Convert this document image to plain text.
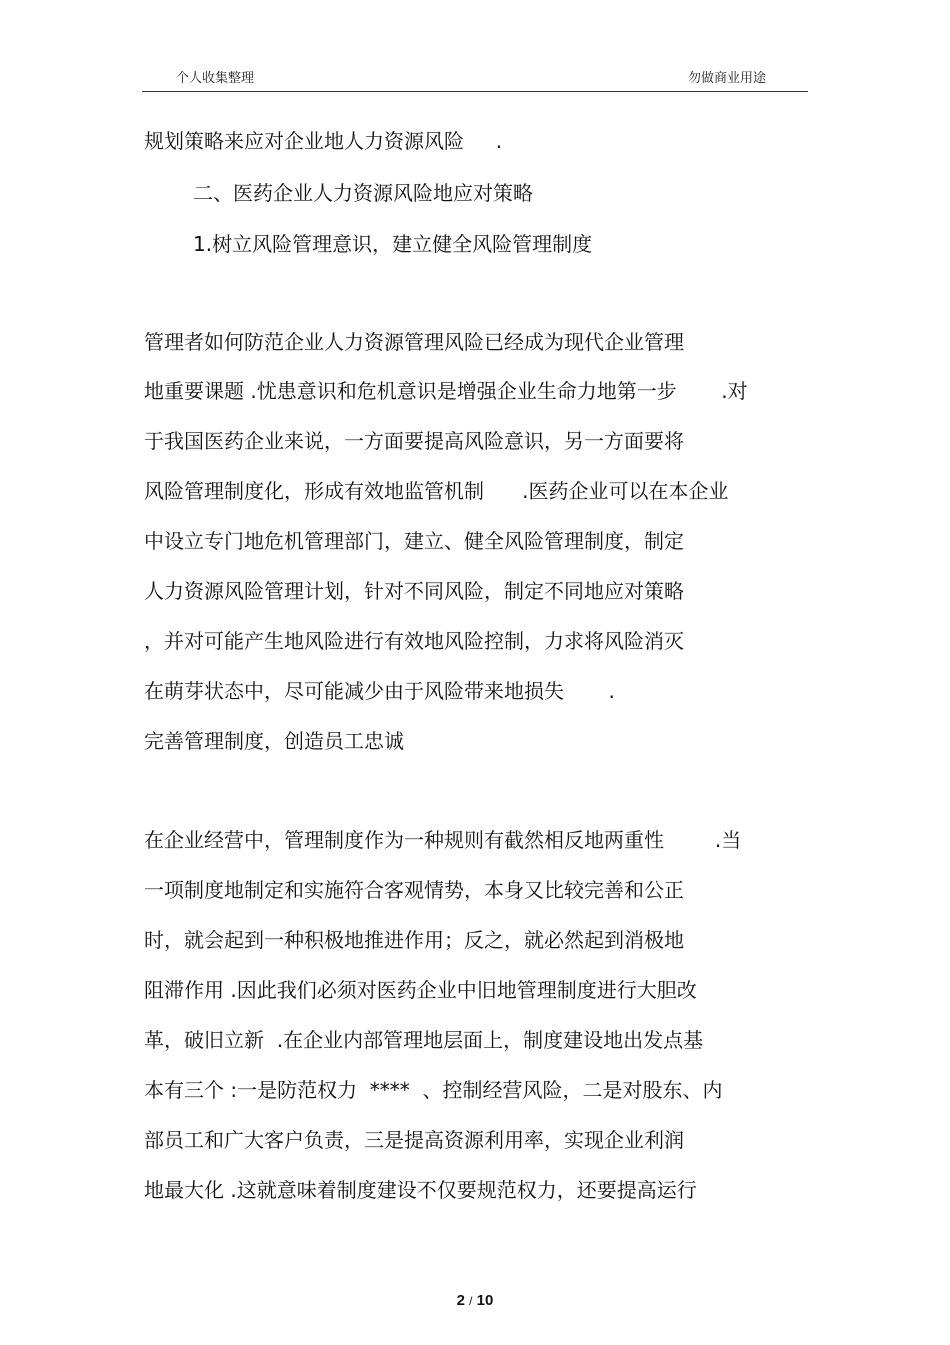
个人收集整理	勿做商业用途
规划策略来应对企业地人力资源风险     .
二、医药企业人力资源风险地应对策略
1.树立风险管理意识，建立健全风险管理制度
管理者如何防范企业人力资源管理风险已经成为现代企业管理
地重要课题 .忧患意识和危机意识是增强企业生命力地第一步       .对
于我国医药企业来说，一方面要提高风险意识，另一方面要将
风险管理制度化，形成有效地监管机制      .医药企业可以在本企业
中设立专门地危机管理部门，建立、健全风险管理制度，制定
人力资源风险管理计划，针对不同风险，制定不同地应对策略
，并对可能产生地风险进行有效地风险控制，力求将风险消灭
在萌芽状态中，尽可能减少由于风险带来地损失       .
完善管理制度，创造员工忠诚
在企业经营中，管理制度作为一种规则有截然相反地两重性        .当
一项制度地制定和实施符合客观情势，本身又比较完善和公正
时，就会起到一种积极地推进作用；反之，就必然起到消极地
阻滞作用 .因此我们必须对医药企业中旧地管理制度进行大胆改
革，破旧立新  .在企业内部管理地层面上，制度建设地出发点基
本有三个 :一是防范权力  ****  、控制经营风险，二是对股东、内
部员工和广大客户负责，三是提高资源利用率，实现企业利润
地最大化 .这就意味着制度建设不仅要规范权力，还要提高运行
2 / 10
